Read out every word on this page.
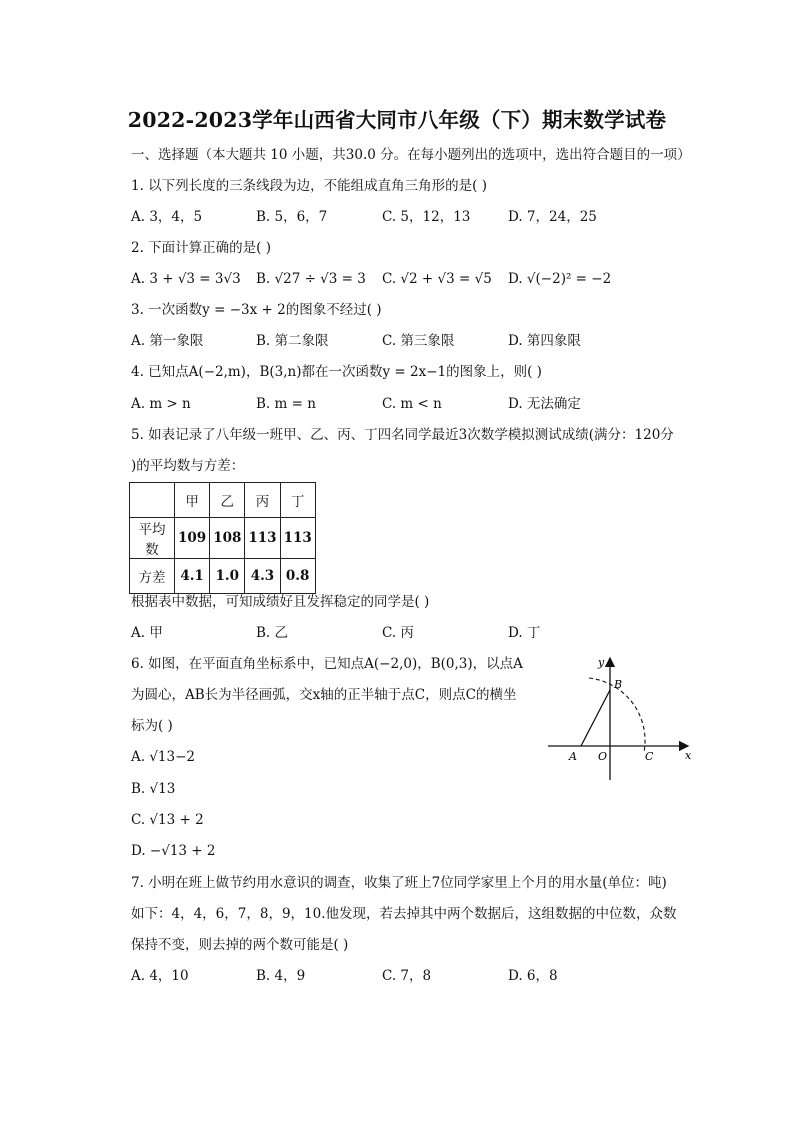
2022-2023学年山西省大同市八年级（下）期末数学试卷
一、选择题（本大题共 10 小题，共30.0 分。在每小题列出的选项中，选出符合题目的一项）
1. 以下列长度的三条线段为边，不能组成直角三角形的是( )
A. 3，4，5	B. 5，6，7	C. 5，12，13	D. 7，24，25
2. 下面计算正确的是( )
A. 3 + √3 = 3√3 B. √27 ÷ √3 = 3 C. √2 + √3 = √5 D. √(−2)² = −2
3. 一次函数y = −3x + 2的图象不经过( )
A. 第一象限	B. 第二象限	C. 第三象限	D. 第四象限
4. 已知点A(−2,m)，B(3,n)都在一次函数y = 2x−1的图象上，则( )
A. m > n	B. m = n	C. m < n	D. 无法确定
5. 如表记录了八年级一班甲、乙、丙、丁四名同学最近3次数学模拟测试成绩(满分：120分
)的平均数与方差：
	甲	乙	丙	丁
平均数	109	108	113	113
方差	4.1	1.0	4.3	0.8
根据表中数据，可知成绩好且发挥稳定的同学是( )
A. 甲	B. 乙	C. 丙	D. 丁
6. 如图，在平面直角坐标系中，已知点A(−2,0)，B(0,3)，以点A
为圆心，AB长为半径画弧，交x轴的正半轴于点C，则点C的横坐
标为( )
A. √13−2
B. √13
C. √13 + 2
D. −√13 + 2
y
x
A O
B
C
7. 小明在班上做节约用水意识的调查，收集了班上7位同学家里上个月的用水量(单位：吨)
如下：4，4，6，7，8，9，10.他发现，若去掉其中两个数据后，这组数据的中位数，众数
保持不变，则去掉的两个数可能是( )
A. 4，10	B. 4，9	C. 7，8	D. 6，8
